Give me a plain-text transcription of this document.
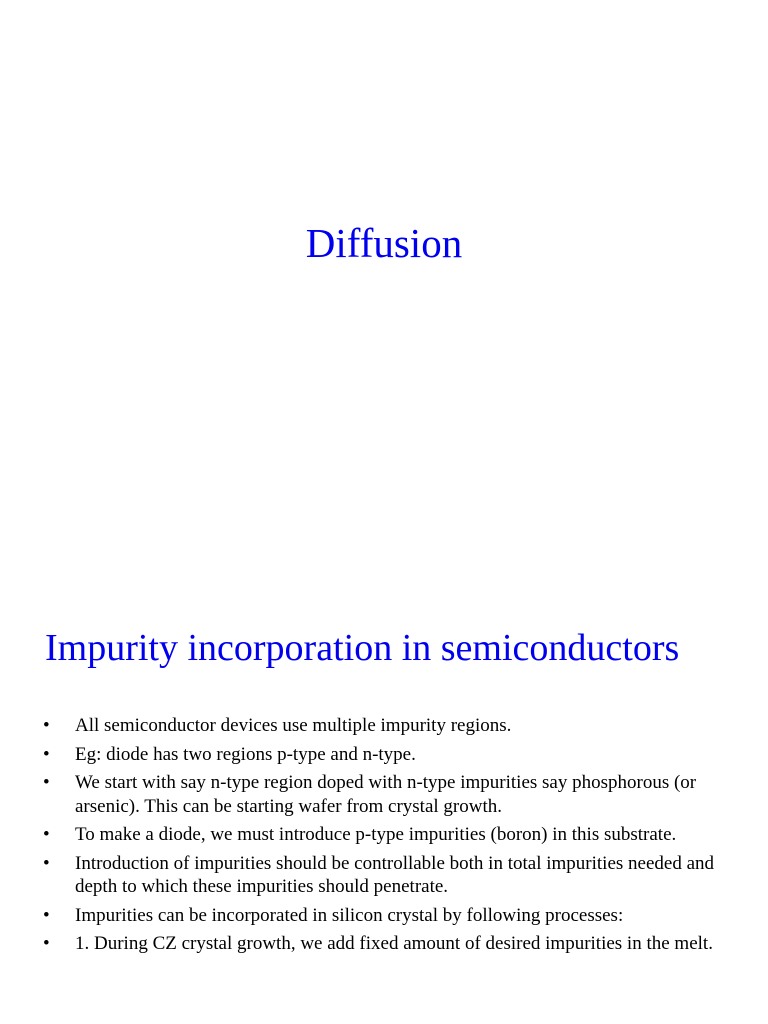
Diffusion
Impurity incorporation in semiconductors
• All semiconductor devices use multiple impurity regions.
• Eg: diode has two regions p-type and n-type.
• We start with say n-type region doped with n-type impurities say phosphorous (or arsenic). This can be starting wafer from crystal growth.
• To make a diode, we must introduce p-type impurities (boron) in this substrate.
• Introduction of impurities should be controllable both in total impurities needed and depth to which these impurities should penetrate.
• Impurities can be incorporated in silicon crystal by following processes:
• 1. During CZ crystal growth, we add fixed amount of desired impurities in the melt.
